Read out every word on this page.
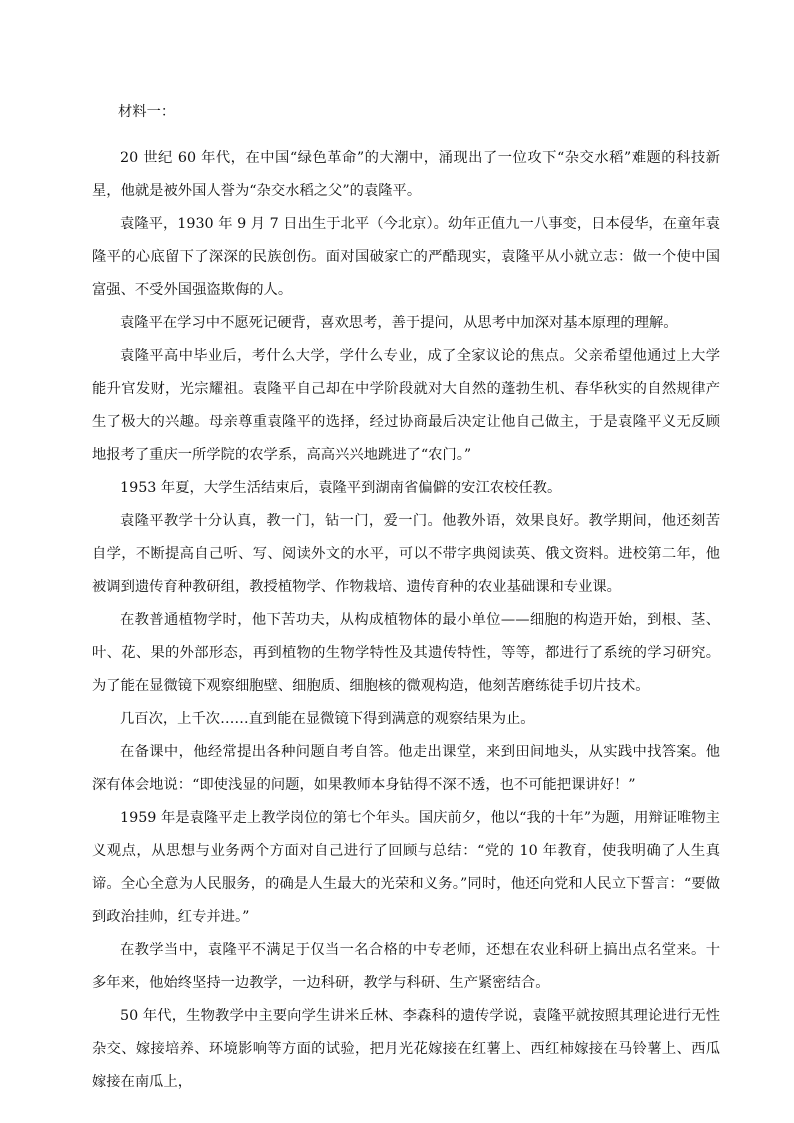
材料一：

20 世纪 60 年代，在中国“绿色革命”的大潮中，涌现出了一位攻下“杂交水稻”难题的科技新星，他就是被外国人誉为“杂交水稻之父”的袁隆平。

袁隆平，1930 年 9 月 7 日出生于北平（今北京）。幼年正值九一八事变，日本侵华，在童年袁隆平的心底留下了深深的民族创伤。面对国破家亡的严酷现实，袁隆平从小就立志：做一个使中国富强、不受外国强盗欺侮的人。

袁隆平在学习中不愿死记硬背，喜欢思考，善于提问，从思考中加深对基本原理的理解。

袁隆平高中毕业后，考什么大学，学什么专业，成了全家议论的焦点。父亲希望他通过上大学能升官发财，光宗耀祖。袁隆平自己却在中学阶段就对大自然的蓬勃生机、春华秋实的自然规律产生了极大的兴趣。母亲尊重袁隆平的选择，经过协商最后决定让他自己做主，于是袁隆平义无反顾地报考了重庆一所学院的农学系，高高兴兴地跳进了“农门。”

1953 年夏，大学生活结束后，袁隆平到湖南省偏僻的安江农校任教。

袁隆平教学十分认真，教一门，钻一门，爱一门。他教外语，效果良好。教学期间，他还刻苦自学，不断提高自己听、写、阅读外文的水平，可以不带字典阅读英、俄文资料。进校第二年，他被调到遗传育种教研组，教授植物学、作物栽培、遗传育种的农业基础课和专业课。

在教普通植物学时，他下苦功夫，从构成植物体的最小单位——细胞的构造开始，到根、茎、叶、花、果的外部形态，再到植物的生物学特性及其遗传特性，等等，都进行了系统的学习研究。为了能在显微镜下观察细胞壁、细胞质、细胞核的微观构造，他刻苦磨练徒手切片技术。

几百次，上千次……直到能在显微镜下得到满意的观察结果为止。

在备课中，他经常提出各种问题自考自答。他走出课堂，来到田间地头，从实践中找答案。他深有体会地说：“即使浅显的问题，如果教师本身钻得不深不透，也不可能把课讲好！”

1959 年是袁隆平走上教学岗位的第七个年头。国庆前夕，他以“我的十年”为题，用辩证唯物主义观点，从思想与业务两个方面对自己进行了回顾与总结：“党的 10 年教育，使我明确了人生真谛。全心全意为人民服务，的确是人生最大的光荣和义务。”同时，他还向党和人民立下誓言：“要做到政治挂帅，红专并进。”

在教学当中，袁隆平不满足于仅当一名合格的中专老师，还想在农业科研上搞出点名堂来。十多年来，他始终坚持一边教学，一边科研，教学与科研、生产紧密结合。

50 年代，生物教学中主要向学生讲米丘林、李森科的遗传学说，袁隆平就按照其理论进行无性杂交、嫁接培养、环境影响等方面的试验，把月光花嫁接在红薯上、西红柿嫁接在马铃薯上、西瓜嫁接在南瓜上，
